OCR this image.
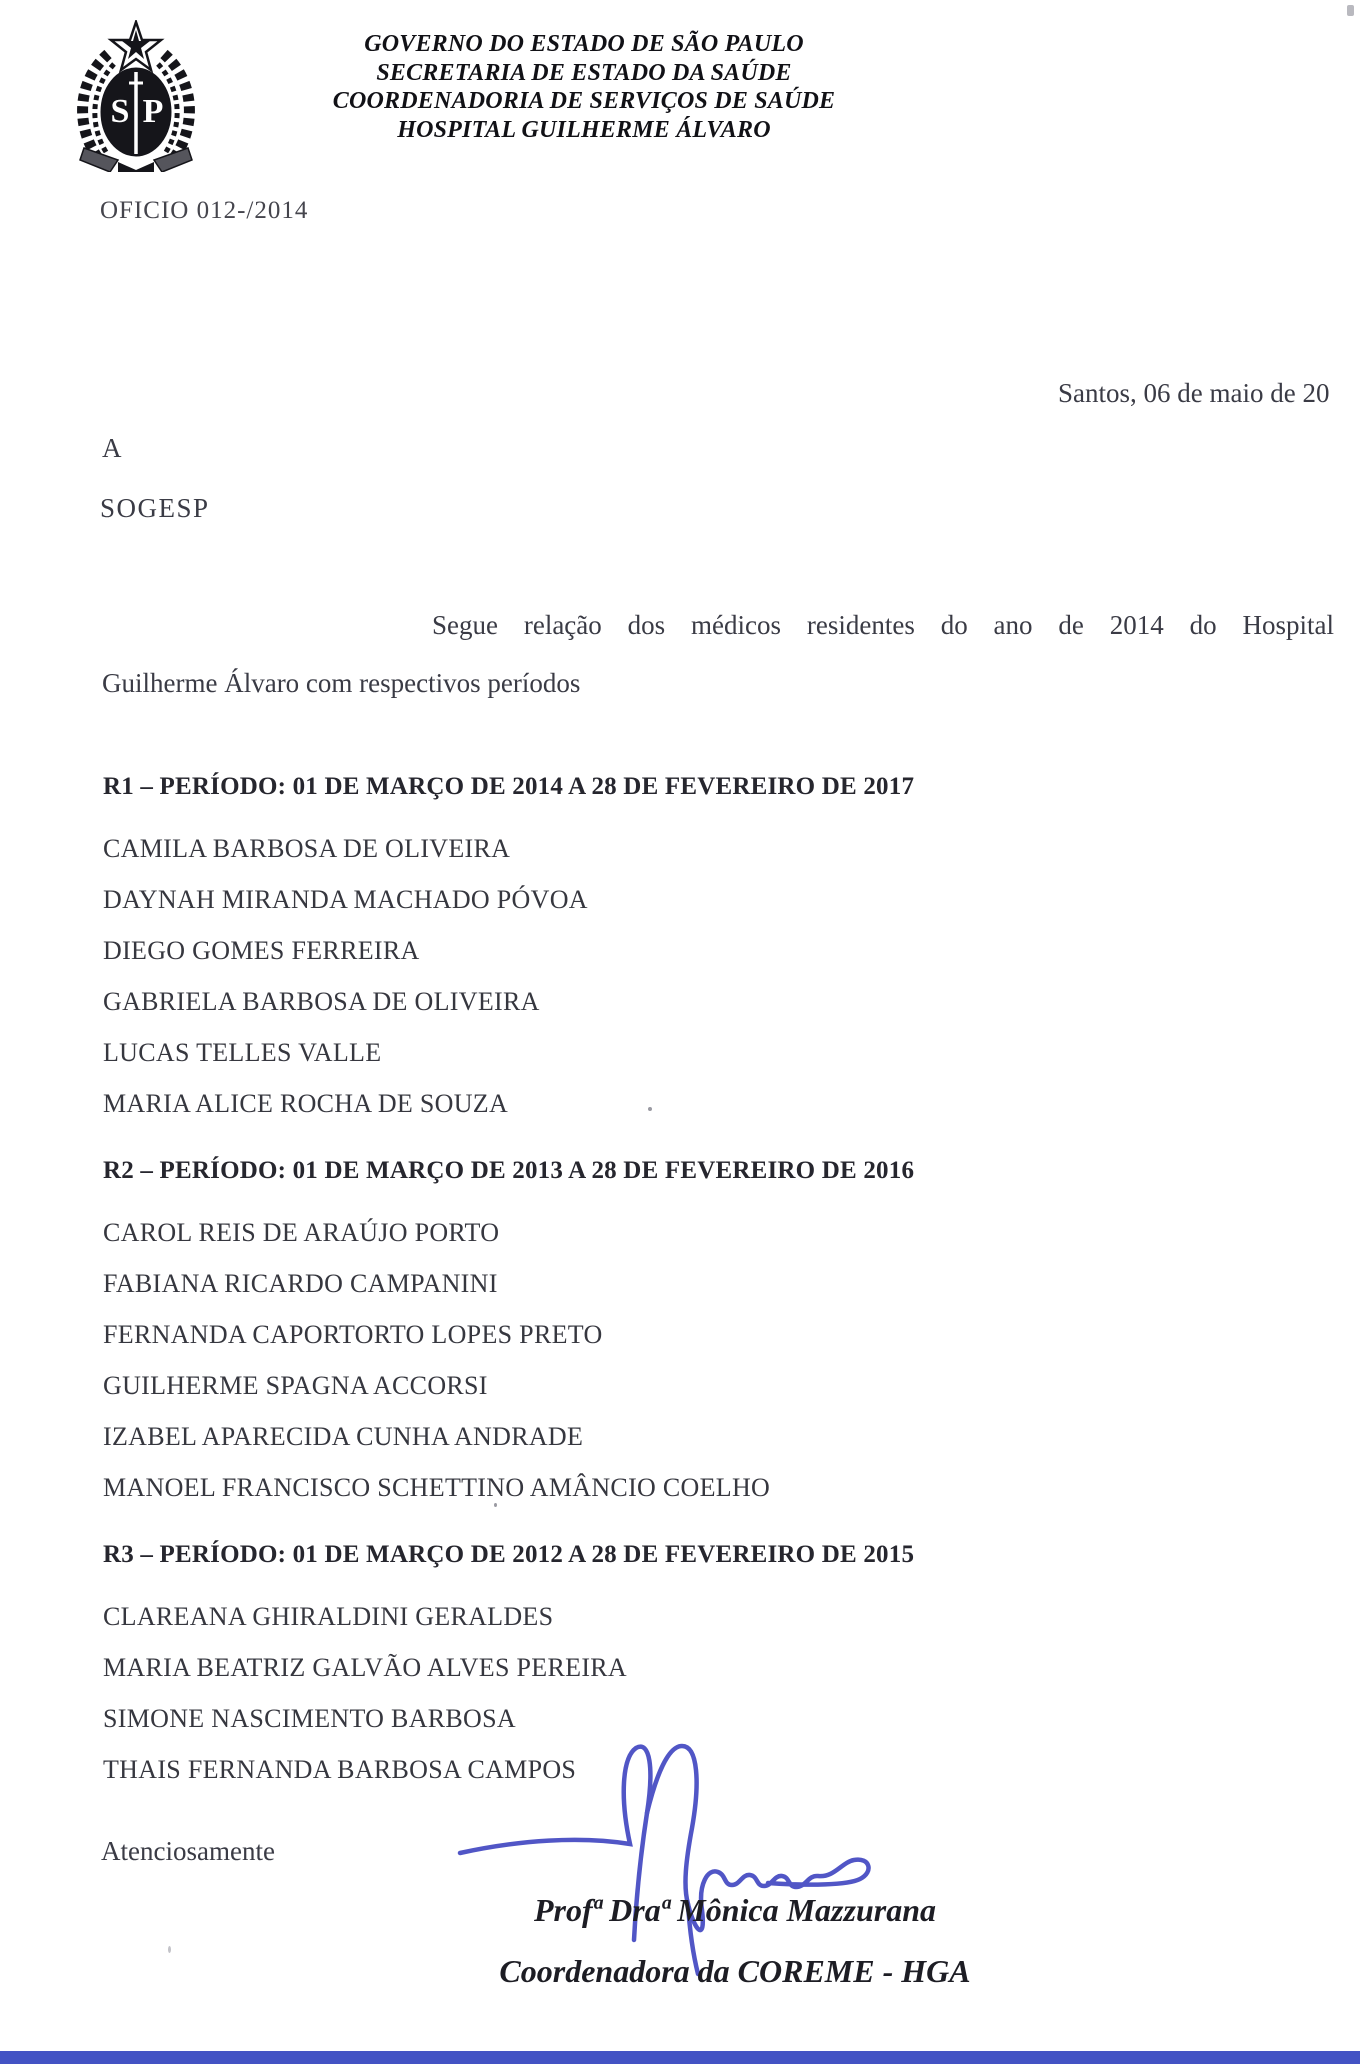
S P
GOVERNO DO ESTADO DE SÃO PAULO
SECRETARIA DE ESTADO DA SAÚDE
COORDENADORIA DE SERVIÇOS DE SAÚDE
HOSPITAL GUILHERME ÁLVARO
OFICIO 012-/2014
Santos, 06 de maio de 20
A
SOGESP
Segue relação dos médicos residentes do ano de 2014 do Hospital
Guilherme Álvaro com respectivos períodos
R1 – PERÍODO: 01 DE MARÇO DE 2014 A 28 DE FEVEREIRO DE 2017
CAMILA BARBOSA DE OLIVEIRA
DAYNAH MIRANDA MACHADO PÓVOA
DIEGO GOMES FERREIRA
GABRIELA BARBOSA DE OLIVEIRA
LUCAS TELLES VALLE
MARIA ALICE ROCHA DE SOUZA
R2 – PERÍODO: 01 DE MARÇO DE 2013 A 28 DE FEVEREIRO DE 2016
CAROL REIS DE ARAÚJO PORTO
FABIANA RICARDO CAMPANINI
FERNANDA CAPORTORTO LOPES PRETO
GUILHERME SPAGNA ACCORSI
IZABEL APARECIDA CUNHA ANDRADE
MANOEL FRANCISCO SCHETTINO AMÂNCIO COELHO
R3 – PERÍODO: 01 DE MARÇO DE 2012 A 28 DE FEVEREIRO DE 2015
CLAREANA GHIRALDINI GERALDES
MARIA BEATRIZ GALVÃO ALVES PEREIRA
SIMONE NASCIMENTO BARBOSA
THAIS FERNANDA BARBOSA CAMPOS
Atenciosamente
Profª Draª Mônica Mazzurana
Coordenadora da COREME - HGA
